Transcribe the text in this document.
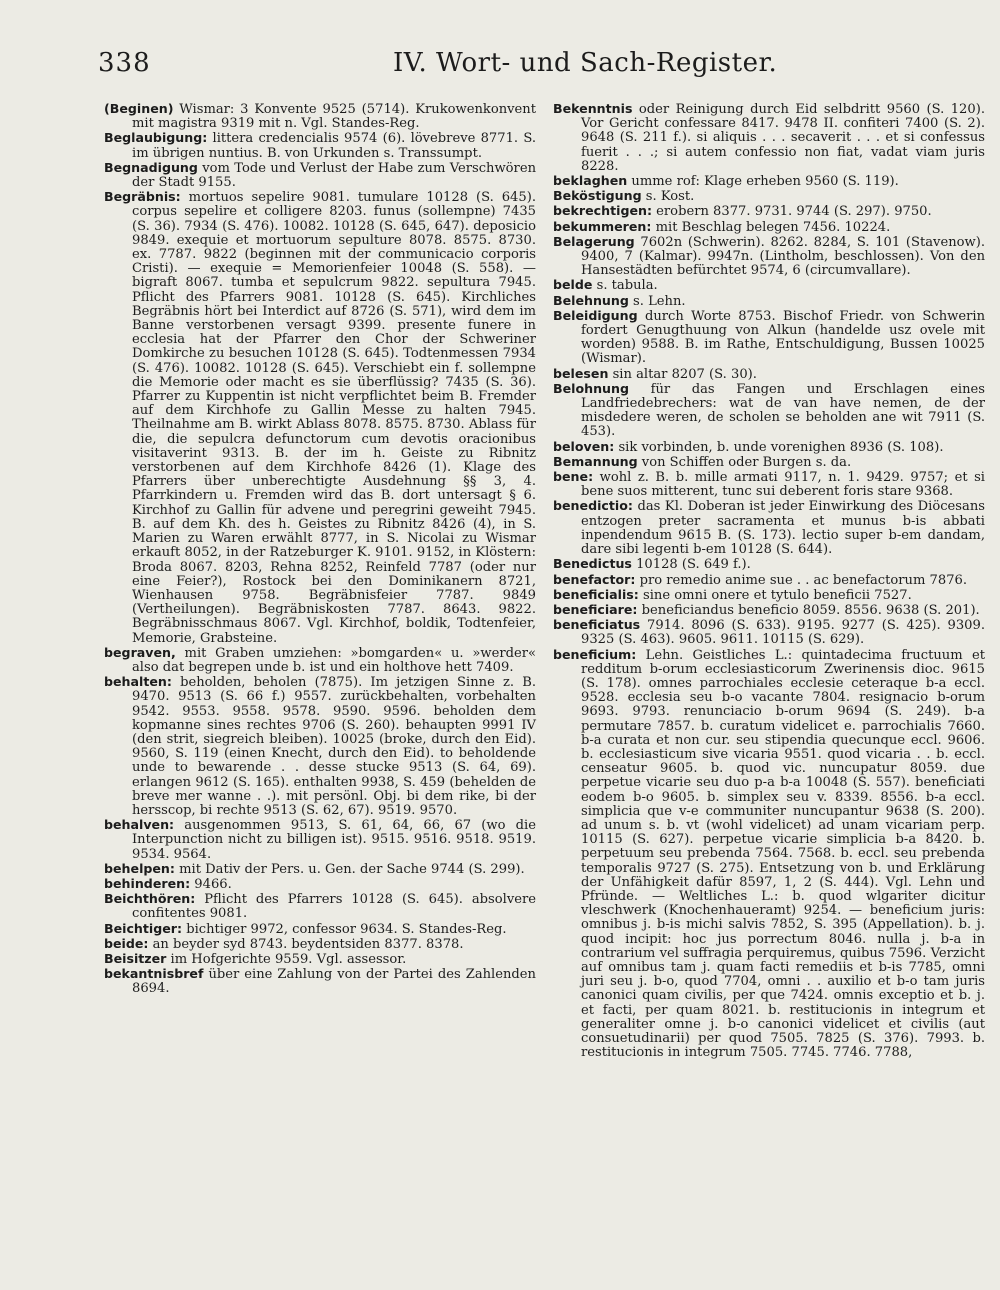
338	IV. Wort- und Sach-Register.

(Beginen) Wismar: 3 Konvente 9525 (5714). Krukowenkonvent mit magistra 9319 mit n. Vgl. Standes-Reg.

Beglaubigung: littera credencialis 9574 (6). lövebreve 8771. S. im übrigen nuntius. B. von Urkunden s. Transsumpt.

Begnadigung vom Tode und Verlust der Habe zum Verschwören der Stadt 9155.

Begräbnis: mortuos sepelire 9081. tumulare 10128 (S. 645). corpus sepelire et colligere 8203. funus (sollempne) 7435 (S. 36). 7934 (S. 476). 10082. 10128 (S. 645, 647). deposicio 9849. exequie et mortuorum sepulture 8078. 8575. 8730. ex. 7787. 9822 (beginnen mit der communicacio corporis Cristi). — exequie = Memorienfeier 10048 (S. 558). — bigraft 8067. tumba et sepulcrum 9822. sepultura 7945. Pflicht des Pfarrers 9081. 10128 (S. 645). Kirchliches Begräbnis hört bei Interdict auf 8726 (S. 571), wird dem im Banne verstorbenen versagt 9399. presente funere in ecclesia hat der Pfarrer den Chor der Schweriner Domkirche zu besuchen 10128 (S. 645). Todtenmessen 7934 (S. 476). 10082. 10128 (S. 645). Verschiebt ein f. sollempne die Memorie oder macht es sie überflüssig? 7435 (S. 36). Pfarrer zu Kuppentin ist nicht verpflichtet beim B. Fremder auf dem Kirchhofe zu Gallin Messe zu halten 7945. Theilnahme am B. wirkt Ablass 8078. 8575. 8730. Ablass für die, die sepulcra defunctorum cum devotis oracionibus visitaverint 9313. B. der im h. Geiste zu Ribnitz verstorbenen auf dem Kirchhofe 8426 (1). Klage des Pfarrers über unberechtigte Ausdehnung §§ 3, 4. Pfarrkindern u. Fremden wird das B. dort untersagt § 6. Kirchhof zu Gallin für advene und peregrini geweiht 7945. B. auf dem Kh. des h. Geistes zu Ribnitz 8426 (4), in S. Marien zu Waren erwählt 8777, in S. Nicolai zu Wismar erkauft 8052, in der Ratzeburger K. 9101. 9152, in Klöstern: Broda 8067. 8203, Rehna 8252, Reinfeld 7787 (oder nur eine Feier?), Rostock bei den Dominikanern 8721, Wienhausen 9758. Begräbnisfeier 7787. 9849 (Vertheilungen). Begräbniskosten 7787. 8643. 9822. Begräbnisschmaus 8067. Vgl. Kirchhof, boldik, Todtenfeier, Memorie, Grabsteine.

begraven, mit Graben umziehen: »bomgarden« u. »werder« also dat begrepen unde b. ist und ein holthove hett 7409.

behalten: beholden, beholen (7875). Im jetzigen Sinne z. B. 9470. 9513 (S. 66 f.) 9557. zurückbehalten, vorbehalten 9542. 9553. 9558. 9578. 9590. 9596. beholden dem kopmanne sines rechtes 9706 (S. 260). behaupten 9991 IV (den strit, siegreich bleiben). 10025 (broke, durch den Eid). 9560, S. 119 (einen Knecht, durch den Eid). to beholdende unde to bewarende . . desse stucke 9513 (S. 64, 69). erlangen 9612 (S. 165). enthalten 9938, S. 459 (behelden de breve mer wanne . .). mit persönl. Obj. bi dem rike, bi der hersscop, bi rechte 9513 (S. 62, 67). 9519. 9570.

behalven: ausgenommen 9513, S. 61, 64, 66, 67 (wo die Interpunction nicht zu billigen ist). 9515. 9516. 9518. 9519. 9534. 9564.

behelpen: mit Dativ der Pers. u. Gen. der Sache 9744 (S. 299).

behinderen: 9466.

Beichthören: Pflicht des Pfarrers 10128 (S. 645). absolvere confitentes 9081.

Beichtiger: bichtiger 9972, confessor 9634. S. Standes-Reg.

beide: an beyder syd 8743. beydentsiden 8377. 8378.

Beisitzer im Hofgerichte 9559. Vgl. assessor.

bekantnisbref über eine Zahlung von der Partei des Zahlenden 8694.

Bekenntnis oder Reinigung durch Eid selbdritt 9560 (S. 120). Vor Gericht confessare 8417. 9478 II. confiteri 7400 (S. 2). 9648 (S. 211 f.). si aliquis . . . secaverit . . . et si confessus fuerit . . .; si autem confessio non fiat, vadat viam juris 8228.

beklaghen umme rof: Klage erheben 9560 (S. 119).

Beköstigung s. Kost.

bekrechtigen: erobern 8377. 9731. 9744 (S. 297). 9750.

bekummeren: mit Beschlag belegen 7456. 10224.

Belagerung 7602n (Schwerin). 8262. 8284, S. 101 (Stavenow). 9400, 7 (Kalmar). 9947n. (Lintholm, beschlossen). Von den Hansestädten befürchtet 9574, 6 (circumvallare).

belde s. tabula.

Belehnung s. Lehn.

Beleidigung durch Worte 8753. Bischof Friedr. von Schwerin fordert Genugthuung von Alkun (handelde usz ovele mit worden) 9588. B. im Rathe, Entschuldigung, Bussen 10025 (Wismar).

belesen sin altar 8207 (S. 30).

Belohnung für das Fangen und Erschlagen eines Landfriedebrechers: wat de van have nemen, de der misdedere weren, de scholen se beholden ane wit 7911 (S. 453).

beloven: sik vorbinden, b. unde vorenighen 8936 (S. 108).

Bemannung von Schiffen oder Burgen s. da.

bene: wohl z. B. b. mille armati 9117, n. 1. 9429. 9757; et si bene suos mitterent, tunc sui deberent foris stare 9368.

benedictio: das Kl. Doberan ist jeder Einwirkung des Diöcesans entzogen preter sacramenta et munus b-is abbati inpendendum 9615 B. (S. 173). lectio super b-em dandam, dare sibi legenti b-em 10128 (S. 644).

Benedictus 10128 (S. 649 f.).

benefactor: pro remedio anime sue . . ac benefactorum 7876.

beneficialis: sine omni onere et tytulo beneficii 7527.

beneficiare: beneficiandus beneficio 8059. 8556. 9638 (S. 201).

beneficiatus 7914. 8096 (S. 633). 9195. 9277 (S. 425). 9309. 9325 (S. 463). 9605. 9611. 10115 (S. 629).

beneficium: Lehn. Geistliches L.: quintadecima fructuum et redditum b-orum ecclesiasticorum Zwerinensis dioc. 9615 (S. 178). omnes parrochiales ecclesie ceteraque b-a eccl. 9528. ecclesia seu b-o vacante 7804. resignacio b-orum 9693. 9793. renunciacio b-orum 9694 (S. 249). b-a permutare 7857. b. curatum videlicet e. parrochialis 7660. b-a curata et non cur. seu stipendia quecunque eccl. 9606. b. ecclesiasticum sive vicaria 9551. quod vicaria . . b. eccl. censeatur 9605. b. quod vic. nuncupatur 8059. due perpetue vicarie seu duo p-a b-a 10048 (S. 557). beneficiati eodem b-o 9605. b. simplex seu v. 8339. 8556. b-a eccl. simplicia que v-e communiter nuncupantur 9638 (S. 200). ad unum s. b. vt (wohl videlicet) ad unam vicariam perp. 10115 (S. 627). perpetue vicarie simplicia b-a 8420. b. perpetuum seu prebenda 7564. 7568. b. eccl. seu prebenda temporalis 9727 (S. 275). Entsetzung von b. und Erklärung der Unfähigkeit dafür 8597, 1, 2 (S. 444). Vgl. Lehn und Pfründe. — Weltliches L.: b. quod wlgariter dicitur vleschwerk (Knochenhaueramt) 9254. — beneficium juris: omnibus j. b-is michi salvis 7852, S. 395 (Appellation). b. j. quod incipit: hoc jus porrectum 8046. nulla j. b-a in contrarium vel suffragia perquiremus, quibus 7596. Verzicht auf omnibus tam j. quam facti remediis et b-is 7785, omni juri seu j. b-o, quod 7704, omni . . auxilio et b-o tam juris canonici quam civilis, per que 7424. omnis exceptio et b. j. et facti, per quam 8021. b. restitucionis in integrum et generaliter omne j. b-o canonici videlicet et civilis (aut consuetudinarii) per quod 7505. 7825 (S. 376). 7993. b. restitucionis in integrum 7505. 7745. 7746. 7788,
